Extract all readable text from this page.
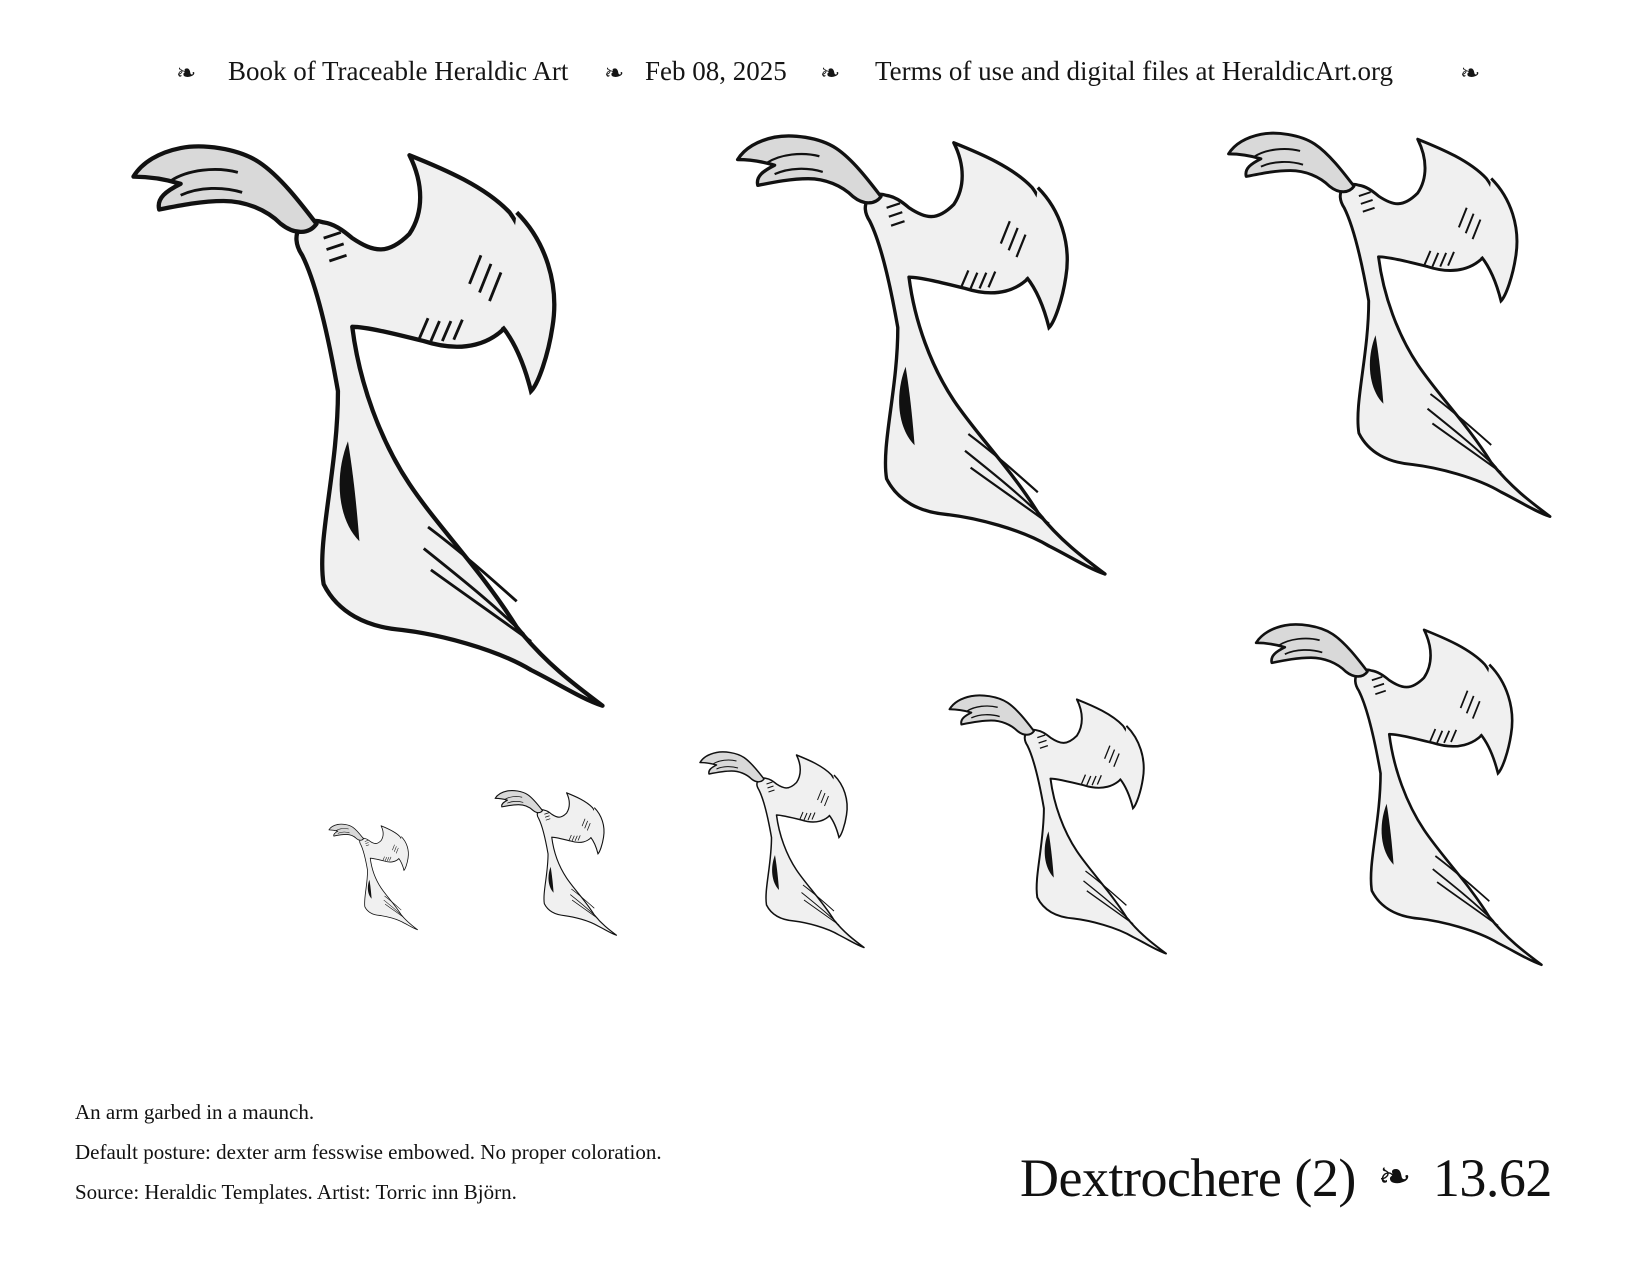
❧ Book of Traceable Heraldic Art ❧ Feb 08, 2025 ❧ Terms of use and digital files at HeraldicArt.org	❧
An arm garbed in a maunch.
Default posture: dexter arm fesswise embowed. No proper coloration.
Source: Heraldic Templates. Artist: Torric inn Björn.	Dextrochere (2) ❧ 13.62
